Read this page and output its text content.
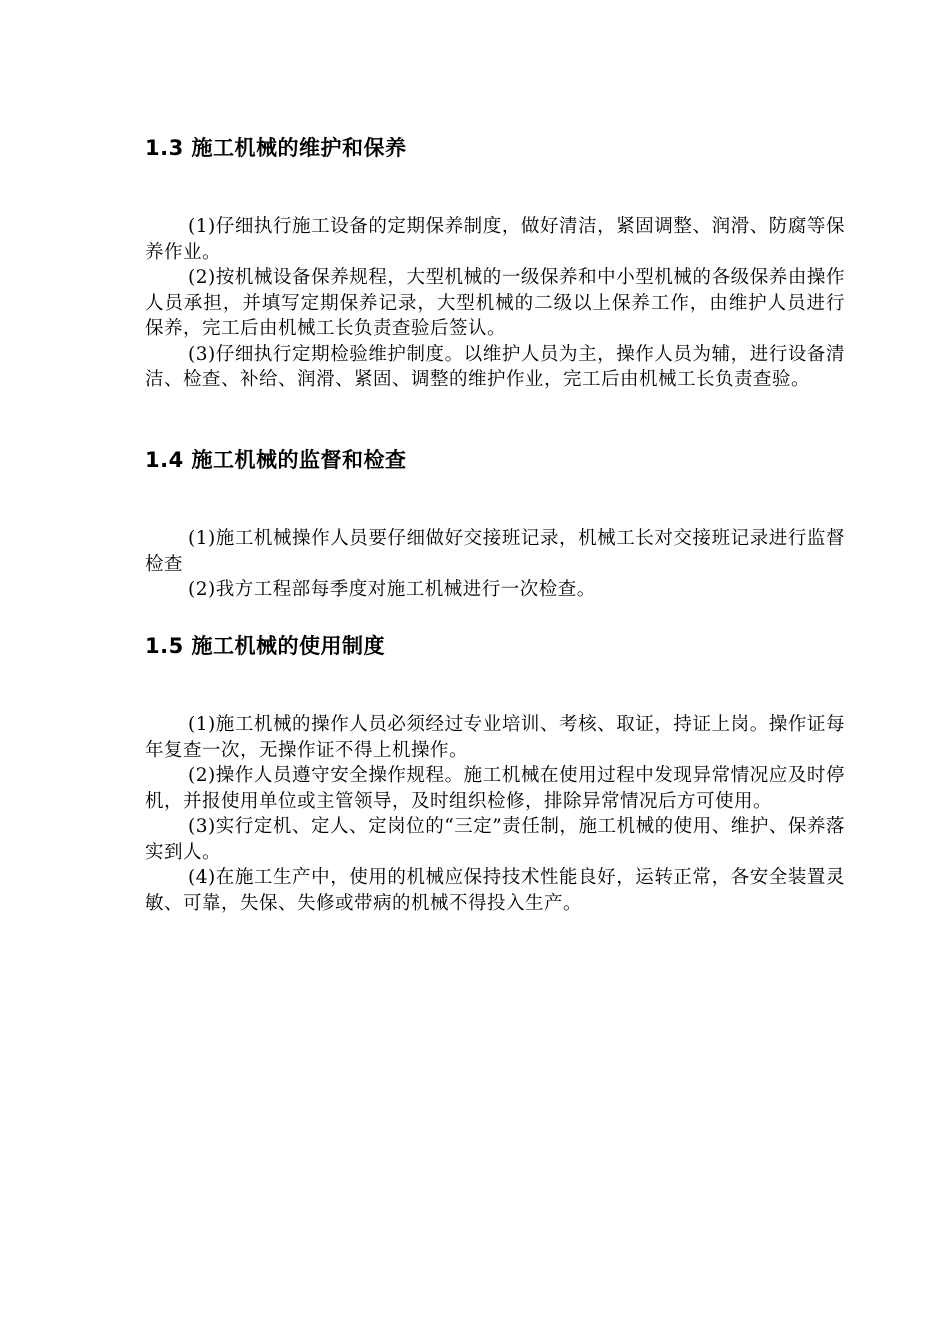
1.3 施工机械的维护和保养

(1)仔细执行施工设备的定期保养制度，做好清洁，紧固调整、润滑、防腐等保养作业。

(2)按机械设备保养规程，大型机械的一级保养和中小型机械的各级保养由操作人员承担，并填写定期保养记录，大型机械的二级以上保养工作，由维护人员进行保养，完工后由机械工长负责查验后签认。

(3)仔细执行定期检验维护制度。以维护人员为主，操作人员为辅，进行设备清洁、检查、补给、润滑、紧固、调整的维护作业，完工后由机械工长负责查验。

1.4 施工机械的监督和检查

(1)施工机械操作人员要仔细做好交接班记录，机械工长对交接班记录进行监督检查

(2)我方工程部每季度对施工机械进行一次检查。

1.5 施工机械的使用制度

(1)施工机械的操作人员必须经过专业培训、考核、取证，持证上岗。操作证每年复查一次，无操作证不得上机操作。

(2)操作人员遵守安全操作规程。施工机械在使用过程中发现异常情况应及时停机，并报使用单位或主管领导，及时组织检修，排除异常情况后方可使用。

(3)实行定机、定人、定岗位的“三定”责任制，施工机械的使用、维护、保养落实到人。

(4)在施工生产中，使用的机械应保持技术性能良好，运转正常，各安全装置灵敏、可靠，失保、失修或带病的机械不得投入生产。
